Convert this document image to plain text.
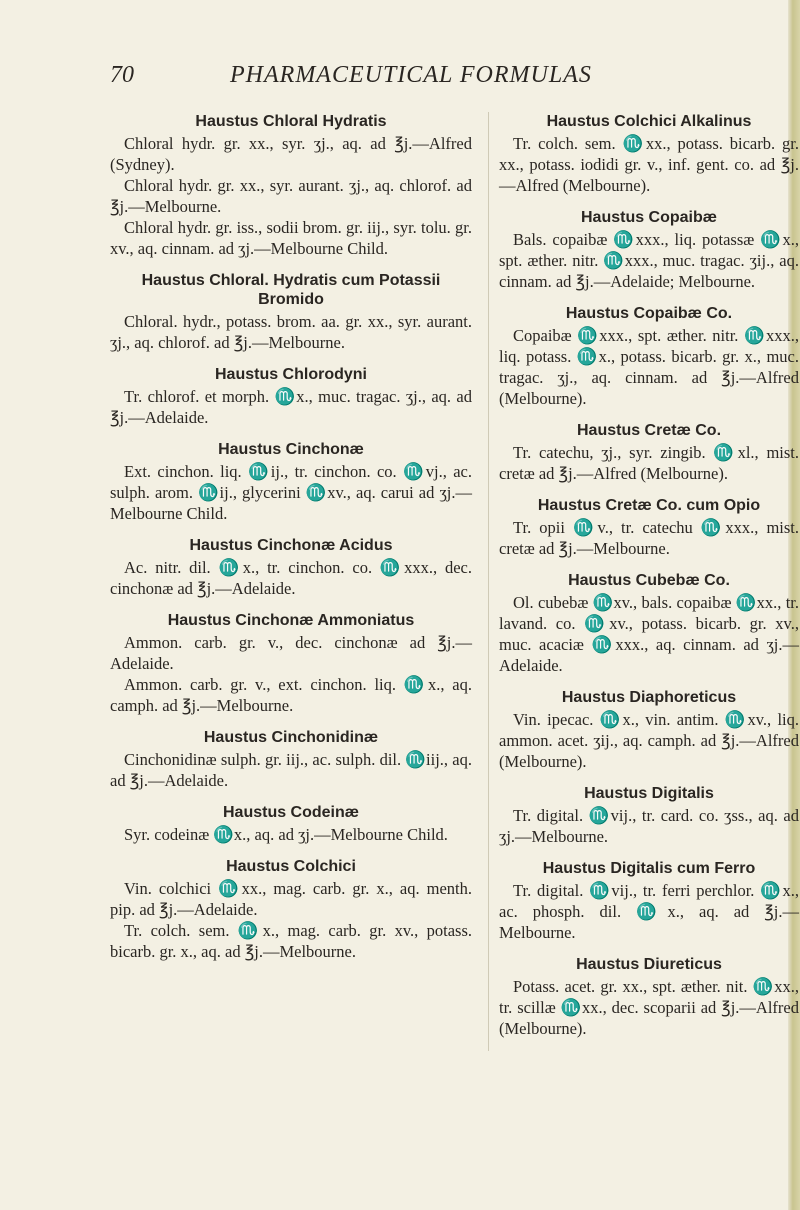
70	PHARMACEUTICAL FORMULAS
Haustus Chloral Hydratis

Chloral hydr. gr. xx., syr. ʒj., aq. ad ℥j.—Alfred (Sydney).

Chloral hydr. gr. xx., syr. aurant. ʒj., aq. chlorof. ad ℥j.—Melbourne.

Chloral hydr. gr. iss., sodii brom. gr. iij., syr. tolu. gr. xv., aq. cinnam. ad ʒj.—Melbourne Child.

Haustus Chloral. Hydratis cum Potassii Bromido

Chloral. hydr., potass. brom. aa. gr. xx., syr. aurant. ʒj., aq. chlorof. ad ℥j.—Melbourne.

Haustus Chlorodyni

Tr. chlorof. et morph. ♏x., muc. tragac. ʒj., aq. ad ℥j.—Adelaide.

Haustus Cinchonæ

Ext. cinchon. liq. ♏ij., tr. cinchon. co. ♏vj., ac. sulph. arom. ♏ij., glycerini ♏xv., aq. carui ad ʒj.—Melbourne Child.

Haustus Cinchonæ Acidus

Ac. nitr. dil. ♏x., tr. cinchon. co. ♏xxx., dec. cinchonæ ad ℥j.—Adelaide.

Haustus Cinchonæ Ammoniatus

Ammon. carb. gr. v., dec. cinchonæ ad ℥j.—Adelaide.

Ammon. carb. gr. v., ext. cinchon. liq. ♏x., aq. camph. ad ℥j.—Melbourne.

Haustus Cinchonidinæ

Cinchonidinæ sulph. gr. iij., ac. sulph. dil. ♏iij., aq. ad ℥j.—Adelaide.

Haustus Codeinæ

Syr. codeinæ ♏x., aq. ad ʒj.—Melbourne Child.

Haustus Colchici

Vin. colchici ♏xx., mag. carb. gr. x., aq. menth. pip. ad ℥j.—Adelaide.

Tr. colch. sem. ♏x., mag. carb. gr. xv., potass. bicarb. gr. x., aq. ad ℥j.—Melbourne.

Haustus Colchici Alkalinus

Tr. colch. sem. ♏xx., potass. bicarb. gr. xx., potass. iodidi gr. v., inf. gent. co. ad ℥j.—Alfred (Melbourne).

Haustus Copaibæ

Bals. copaibæ ♏xxx., liq. potassæ ♏x., spt. æther. nitr. ♏xxx., muc. tragac. ʒij., aq. cinnam. ad ℥j.—Adelaide; Melbourne.

Haustus Copaibæ Co.

Copaibæ ♏xxx., spt. æther. nitr. ♏xxx., liq. potass. ♏x., potass. bicarb. gr. x., muc. tragac. ʒj., aq. cinnam. ad ℥j.—Alfred (Melbourne).

Haustus Cretæ Co.

Tr. catechu, ʒj., syr. zingib. ♏xl., mist. cretæ ad ℥j.—Alfred (Melbourne).

Haustus Cretæ Co. cum Opio

Tr. opii ♏v., tr. catechu ♏xxx., mist. cretæ ad ℥j.—Melbourne.

Haustus Cubebæ Co.

Ol. cubebæ ♏xv., bals. copaibæ ♏xx., tr. lavand. co. ♏xv., potass. bicarb. gr. xv., muc. acaciæ ♏xxx., aq. cinnam. ad ʒj.—Adelaide.

Haustus Diaphoreticus

Vin. ipecac. ♏x., vin. antim. ♏xv., liq. ammon. acet. ʒij., aq. camph. ad ℥j.—Alfred (Melbourne).

Haustus Digitalis

Tr. digital. ♏vij., tr. card. co. ʒss., aq. ad ʒj.—Melbourne.

Haustus Digitalis cum Ferro

Tr. digital. ♏vij., tr. ferri perchlor. ♏x., ac. phosph. dil. ♏x., aq. ad ℥j.—Melbourne.

Haustus Diureticus

Potass. acet. gr. xx., spt. æther. nit. ♏xx., tr. scillæ ♏xx., dec. scoparii ad ℥j.—Alfred (Melbourne).
